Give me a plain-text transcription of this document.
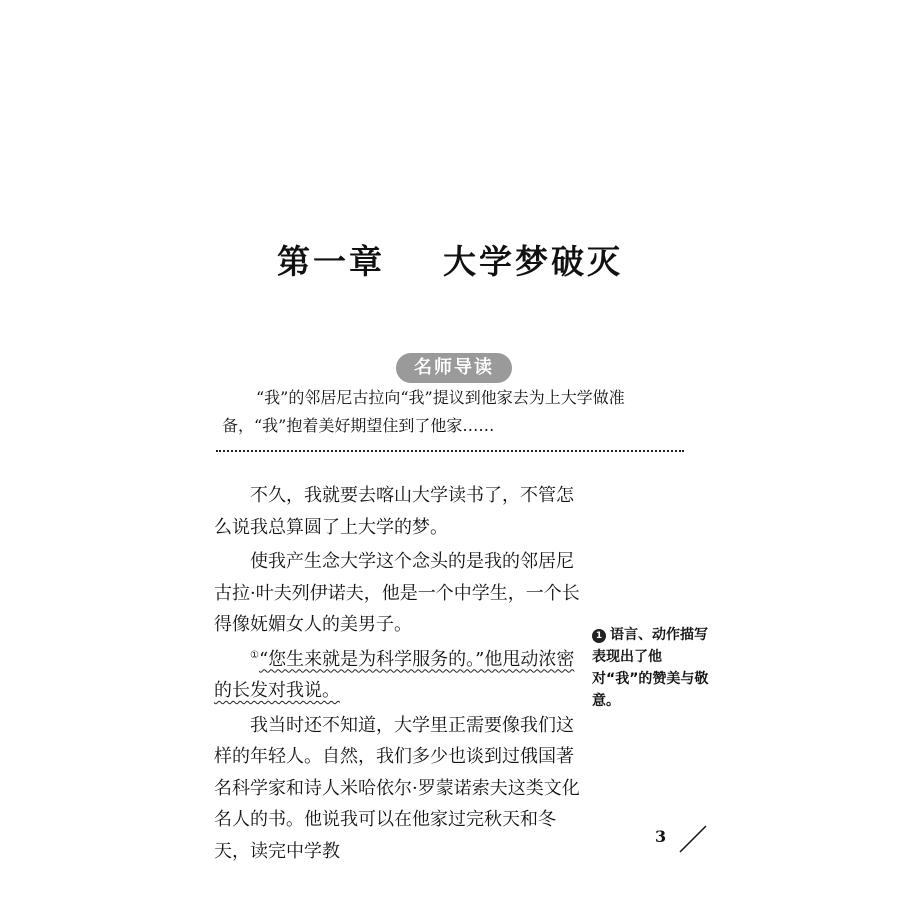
第一章    大学梦破灭
名师导读
“我”的邻居尼古拉向“我”提议到他家去为上大学做准备，“我”抱着美好期望住到了他家……

不久，我就要去喀山大学读书了，不管怎么说我总算圆了上大学的梦。

使我产生念大学这个念头的是我的邻居尼古拉·叶夫列伊诺夫，他是一个中学生，一个长得像妩媚女人的美男子。

①“您生来就是为科学服务的。”他甩动浓密的长发对我说。

我当时还不知道，大学里正需要像我们这样的年轻人。自然，我们多少也谈到过俄国著名科学家和诗人米哈依尔·罗蒙诺索夫这类文化名人的书。他说我可以在他家过完秋天和冬天，读完中学教

1 语言、动作描写 表现出了他对“我”的赞美与敬意。
3
